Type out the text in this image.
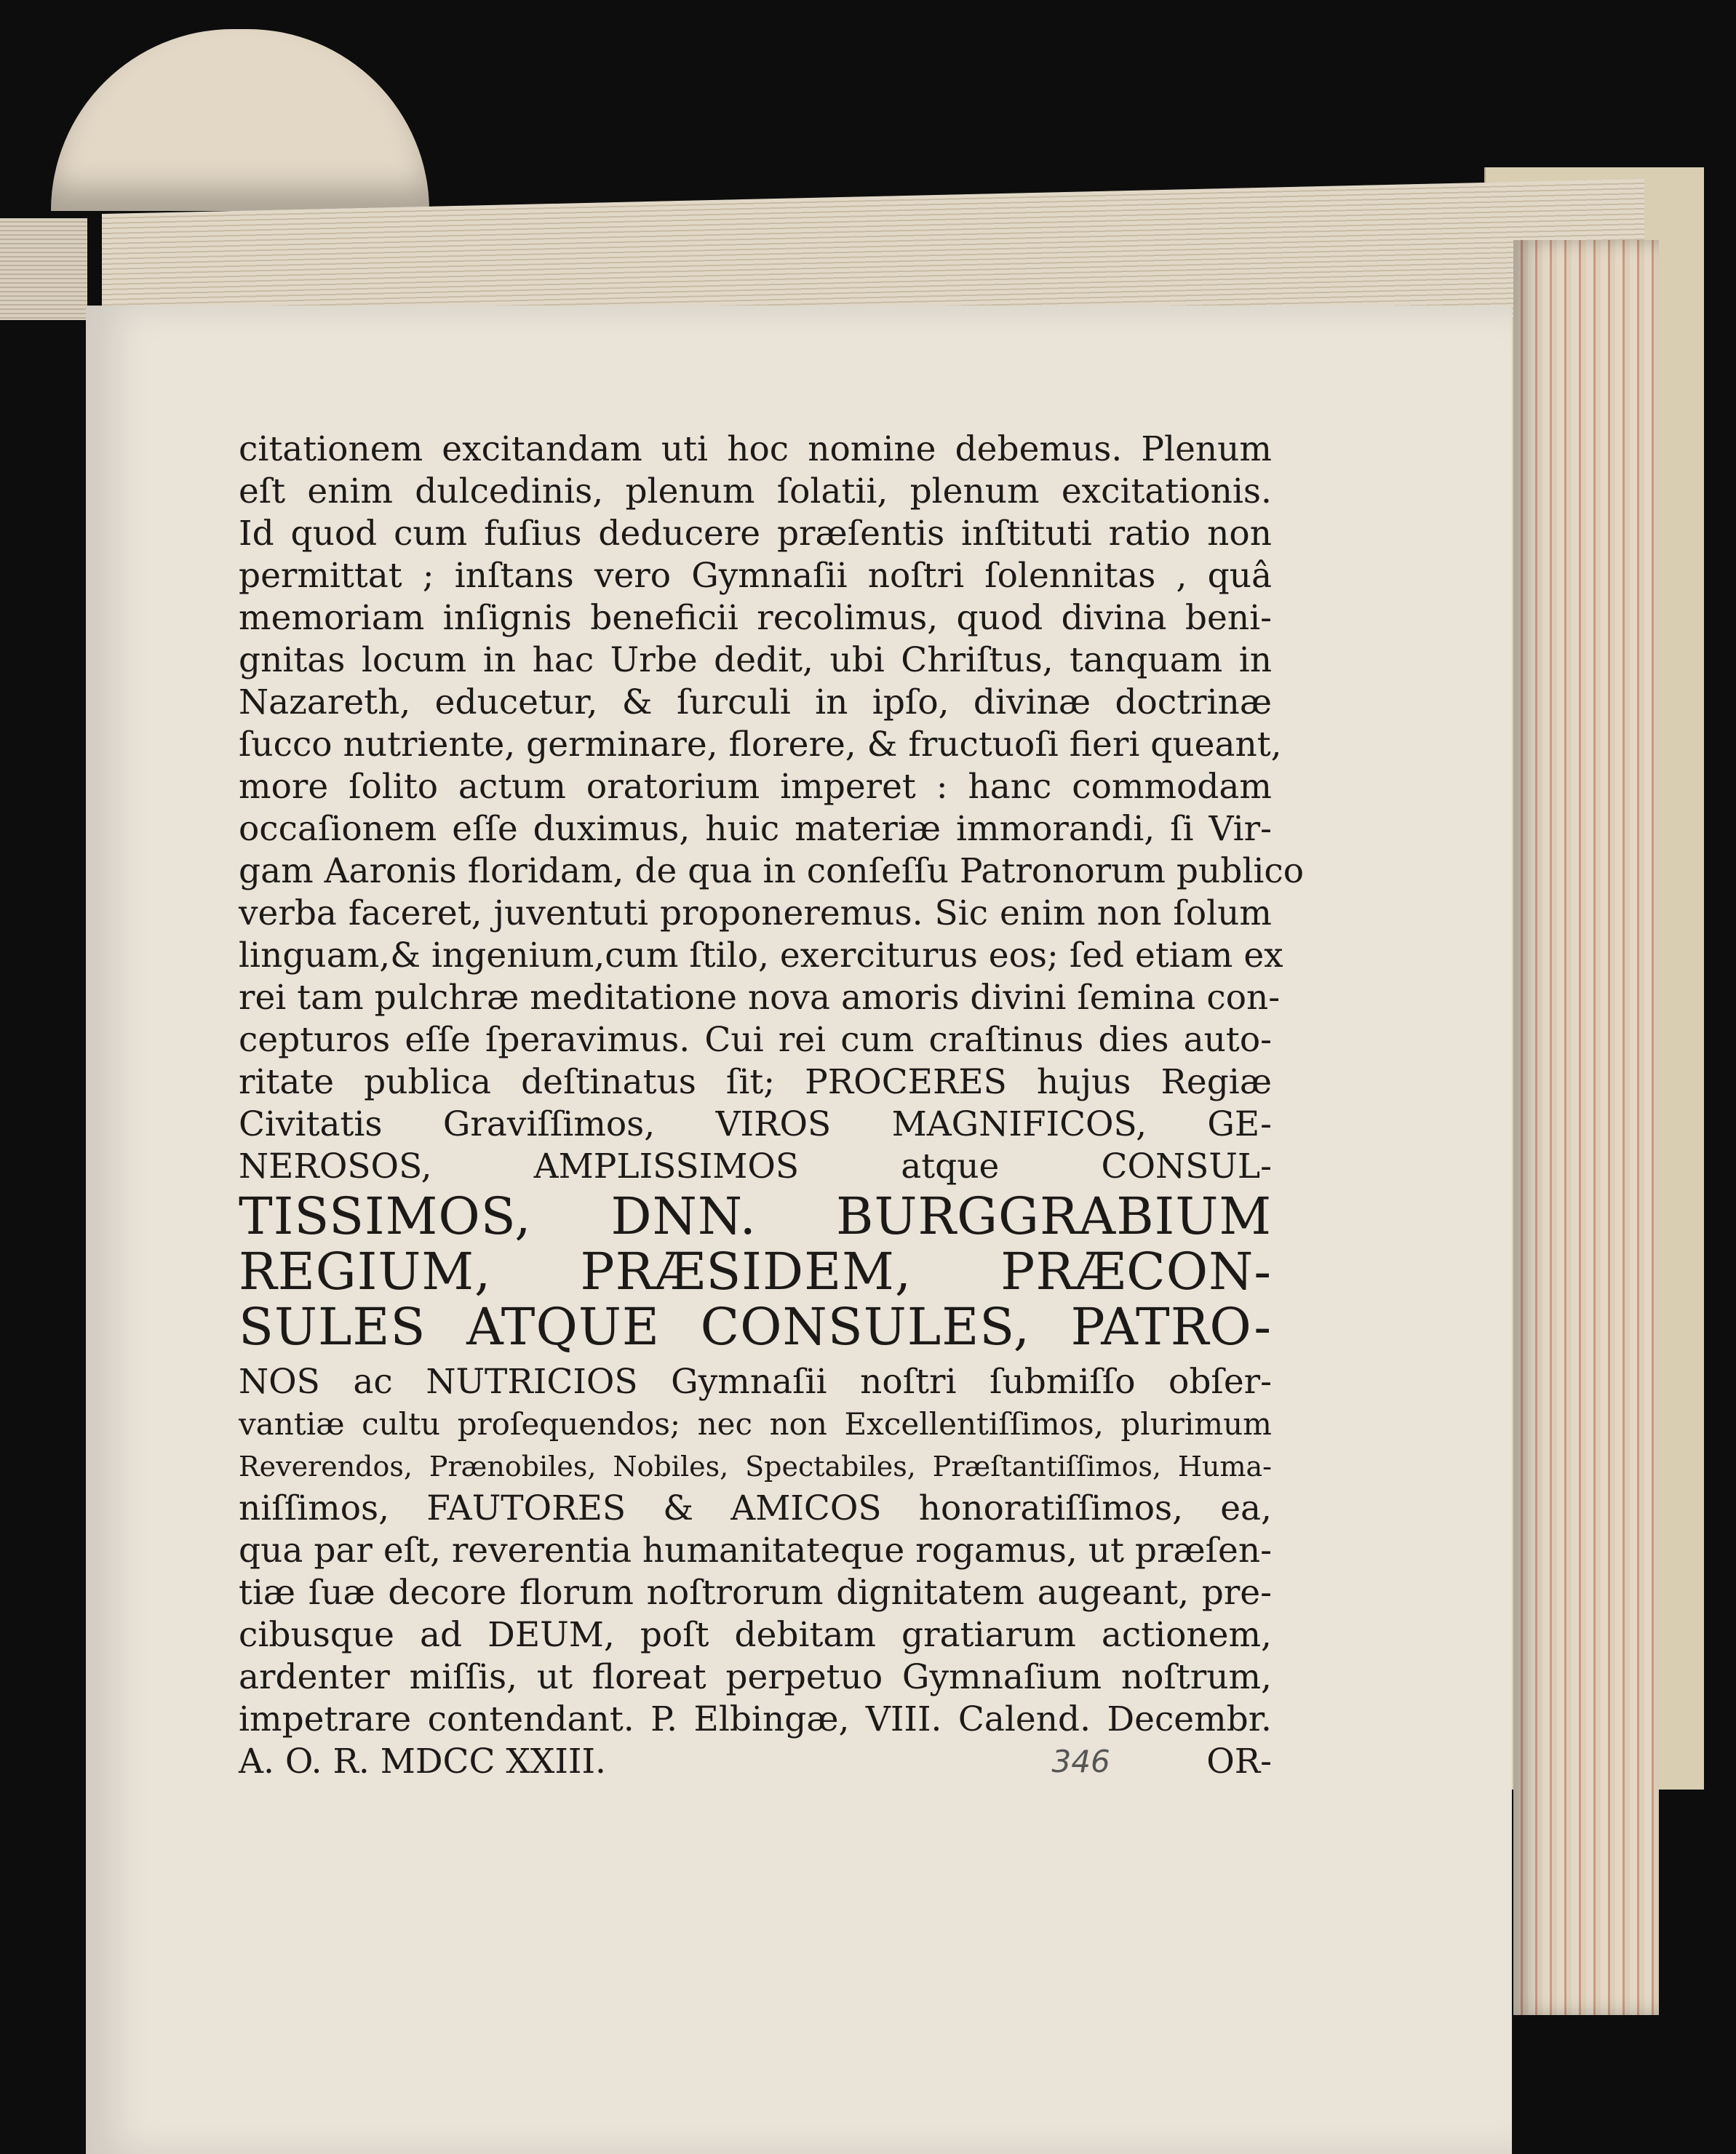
citationem excitandam uti hoc nomine debemus. Plenum
eſt enim dulcedinis, plenum ſolatii, plenum excitationis.
Id quod cum fuſius deducere præſentis inſtituti ratio non
permittat ; inſtans vero Gymnaſii noſtri ſolennitas , quâ
memoriam inſignis beneficii recolimus, quod divina beni-
gnitas locum in hac Urbe dedit, ubi Chriſtus, tanquam in
Nazareth, educetur, & ſurculi in ipſo, divinæ doctrinæ
ſucco nutriente, germinare, florere, & fructuoſi fieri queant,
more ſolito actum oratorium imperet : hanc commodam
occaſionem eſſe duximus, huic materiæ immorandi, ſi Vir-
gam Aaronis floridam, de qua in conſeſſu Patronorum publico
verba faceret, juventuti proponeremus. Sic enim non ſolum
linguam,& ingenium,cum ſtilo, exerciturus eos; ſed etiam ex
rei tam pulchræ meditatione nova amoris divini ſemina con-
cepturos eſſe ſperavimus. Cui rei cum craſtinus dies auto-
ritate publica deſtinatus ſit; PROCERES hujus Regiæ
Civitatis Graviſſimos, VIROS MAGNIFICOS, GE-
NEROSOS, AMPLISSIMOS atque CONSUL-
TISSIMOS, DNN. BURGGRABIUM
REGIUM, PRÆSIDEM, PRÆCON-
SULES ATQUE CONSULES, PATRO-
NOS ac NUTRICIOS Gymnaſii noſtri ſubmiſſo obſer-
vantiæ cultu proſequendos; nec non Excellentiſſimos, plurimum
Reverendos, Prænobiles, Nobiles, Spectabiles, Præſtantiſſimos, Huma-
niſſimos, FAUTORES & AMICOS honoratiſſimos, ea,
qua par eſt, reverentia humanitateque rogamus, ut præſen-
tiæ ſuæ decore florum noſtrorum dignitatem augeant, pre-
cibusque ad DEUM, poſt debitam gratiarum actionem,
ardenter miſſis, ut floreat perpetuo Gymnaſium noſtrum,
impetrare contendant. P. Elbingæ, VIII. Calend. Decembr.
A. O. R. MDCC XXIII.	346	OR-
